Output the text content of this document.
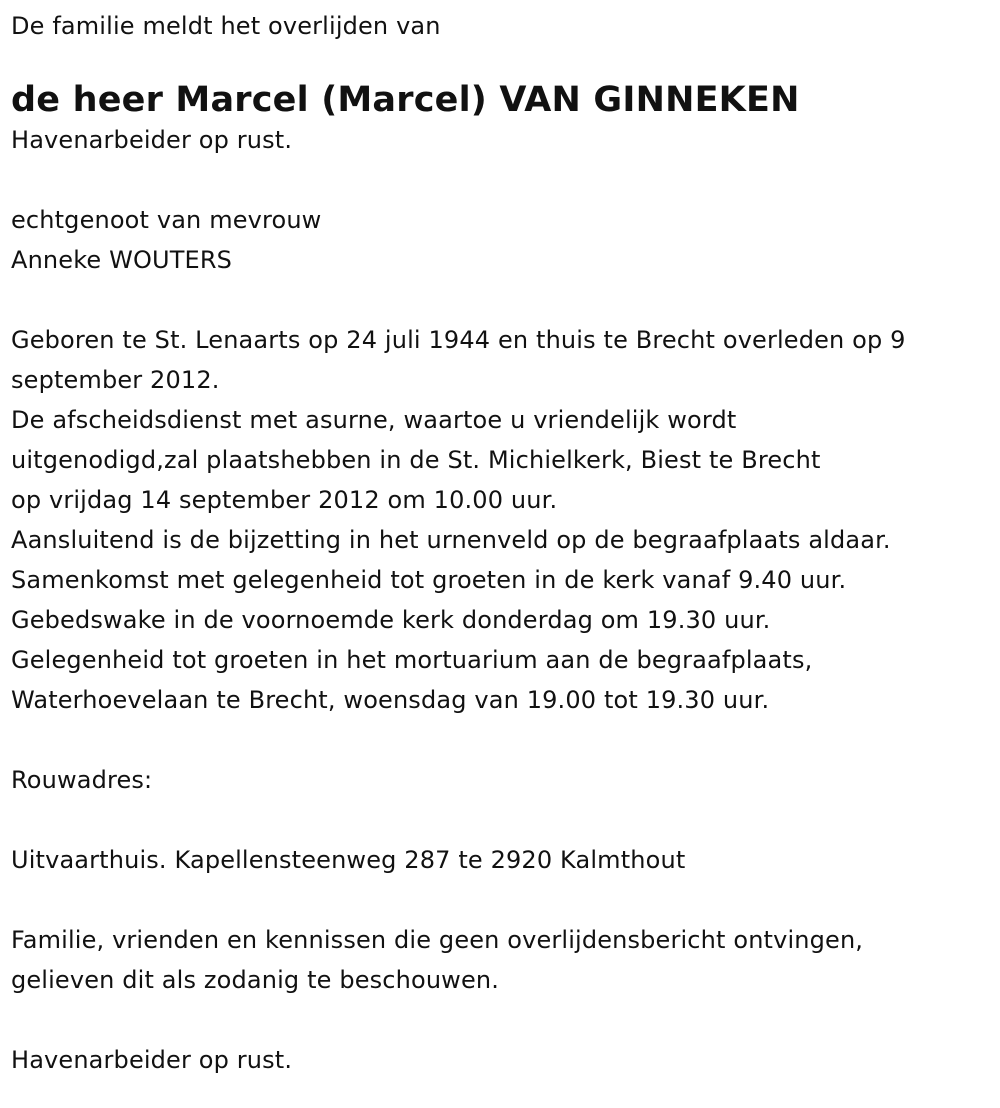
De familie meldt het overlijden van
de heer Marcel (Marcel) VAN GINNEKEN
Havenarbeider op rust.
echtgenoot van mevrouw
Anneke WOUTERS
Geboren te St. Lenaarts op 24 juli 1944 en thuis te Brecht overleden op 9
september 2012.
De afscheidsdienst met asurne, waartoe u vriendelijk wordt
uitgenodigd,zal plaatshebben in de St. Michielkerk, Biest te Brecht
op vrijdag 14 september 2012 om 10.00 uur.
Aansluitend is de bijzetting in het urnenveld op de begraafplaats aldaar.
Samenkomst met gelegenheid tot groeten in de kerk vanaf 9.40 uur.
Gebedswake in de voornoemde kerk donderdag om 19.30 uur.
Gelegenheid tot groeten in het mortuarium aan de begraafplaats,
Waterhoevelaan te Brecht, woensdag van 19.00 tot 19.30 uur.
Rouwadres:
Uitvaarthuis. Kapellensteenweg 287 te 2920 Kalmthout
Familie, vrienden en kennissen die geen overlijdensbericht ontvingen,
gelieven dit als zodanig te beschouwen.
Havenarbeider op rust.
